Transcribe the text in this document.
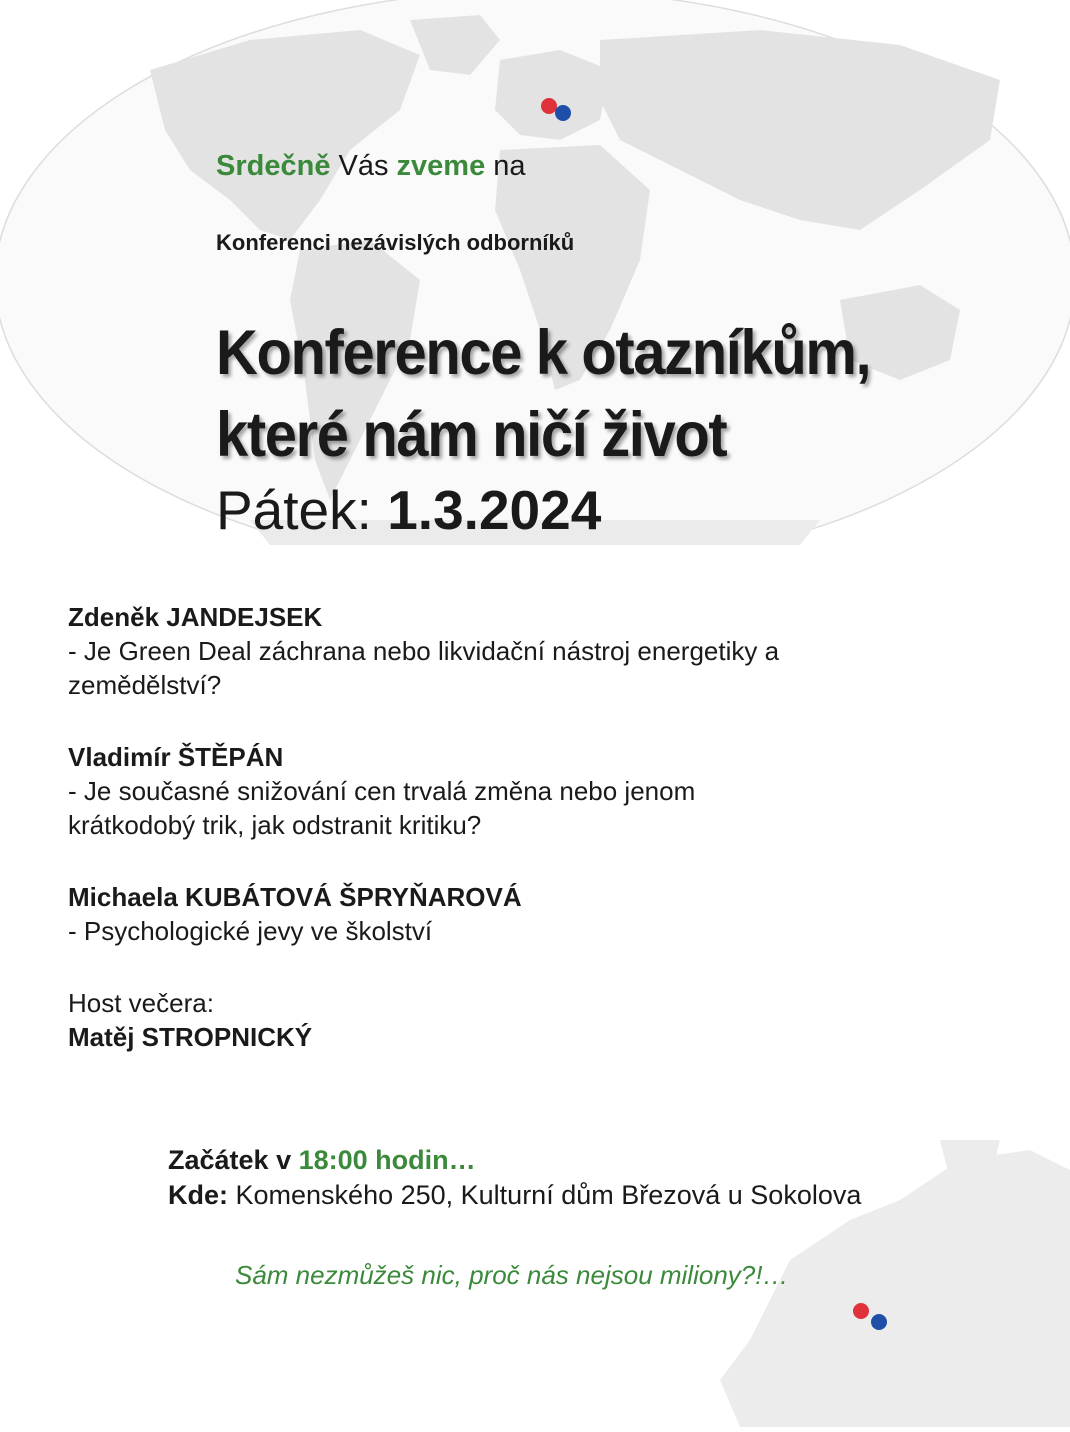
Srdečně Vás zveme na
Konferenci nezávislých odborníků
Konference k otazníkům,
které nám ničí život
Pátek: 1.3.2024
Zdeněk JANDEJSEK
- Je Green Deal záchrana nebo likvidační nástroj energetiky a zemědělství?
Vladimír ŠTĚPÁN
- Je současné snižování cen trvalá změna nebo jenom krátkodobý trik, jak odstranit kritiku?
Michaela KUBÁTOVÁ ŠPRYŇAROVÁ
- Psychologické jevy ve školství
Host večera:
Matěj STROPNICKÝ
Začátek v 18:00 hodin…
Kde: Komenského 250, Kulturní dům Březová u Sokolova
Sám nezmůžeš nic, proč nás nejsou miliony?!…
